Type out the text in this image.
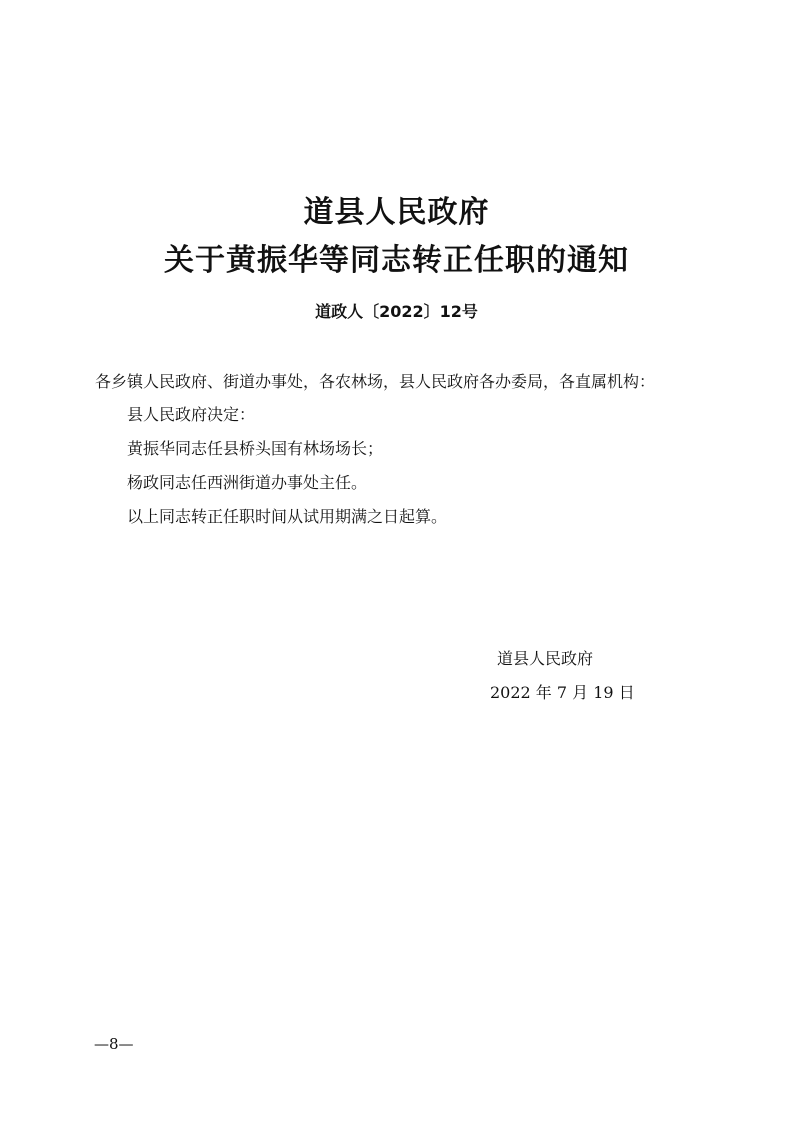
道县人民政府
关于黄振华等同志转正任职的通知
道政人〔2022〕12号
各乡镇人民政府、街道办事处，各农林场，县人民政府各办委局，各直属机构：
县人民政府决定：
黄振华同志任县桥头国有林场场长；
杨政同志任西洲街道办事处主任。
以上同志转正任职时间从试用期满之日起算。
道县人民政府
2022 年 7 月 19 日
—8—
